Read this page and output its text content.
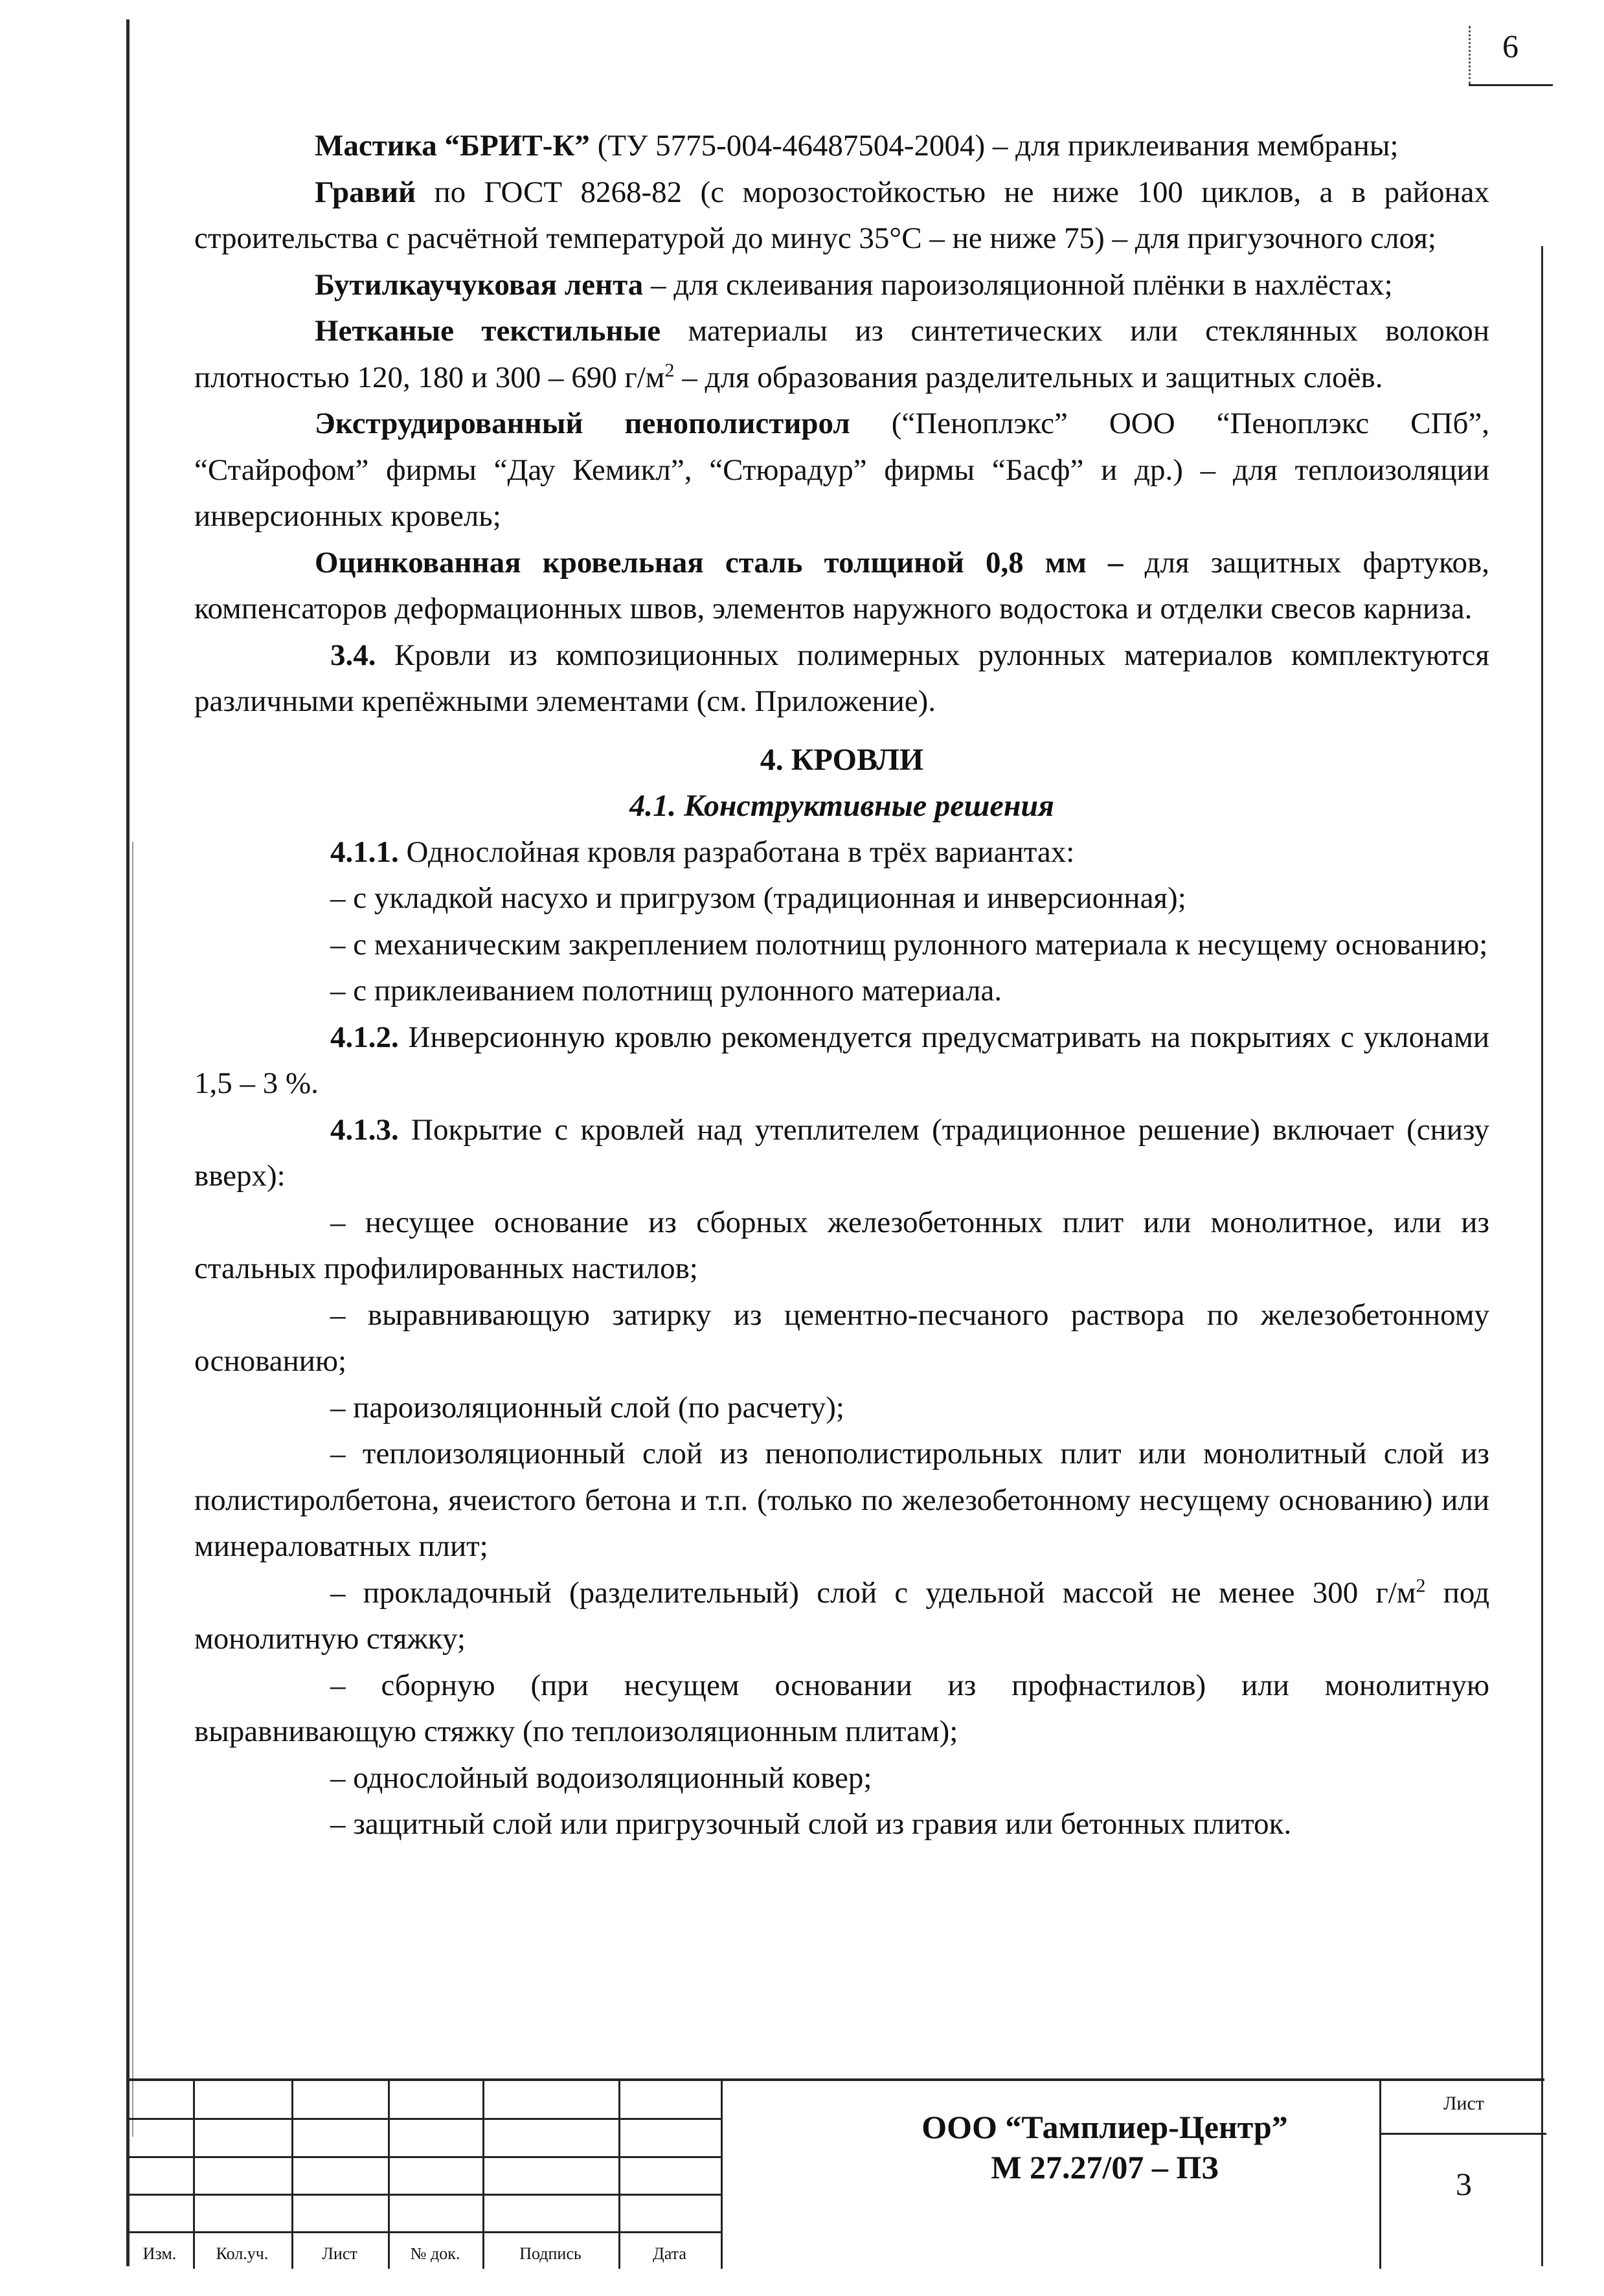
6

Мастика “БРИТ-К” (ТУ 5775-004-46487504-2004) – для приклеивания мембраны;

Гравий по ГОСТ 8268-82 (с морозостойкостью не ниже 100 циклов, а в районах строительства с расчётной температурой до минус 35°С – не ниже 75) – для пригузочного слоя;

Бутилкаучуковая лента – для склеивания пароизоляционной плёнки в нахлёстах;

Нетканые текстильные материалы из синтетических или стеклянных волокон плотностью 120, 180 и 300 – 690 $г/м^2$ – для образования разделительных и защитных слоёв.

Экструдированный пенополистирол (“Пеноплэкс” ООО “Пеноплэкс СПб”, “Стайрофом” фирмы “Дау Кемикл”, “Стюрадур” фирмы “Басф” и др.) – для теплоизоляции инверсионных кровель;

Оцинкованная кровельная сталь толщиной 0,8 мм – для защитных фартуков, компенсаторов деформационных швов, элементов наружного водостока и отделки свесов карниза.

3.4. Кровли из композиционных полимерных рулонных материалов комплектуются различными крепёжными элементами (см. Приложение).

4. КРОВЛИ

4.1. Конструктивные решения

4.1.1. Однослойная кровля разработана в трёх вариантах:

– с укладкой насухо и пригрузом (традиционная и инверсионная);

– с механическим закреплением полотнищ рулонного материала к несущему основанию;

– с приклеиванием полотнищ рулонного материала.

4.1.2. Инверсионную кровлю рекомендуется предусматривать на покрытиях с уклонами 1,5 – 3 %.

4.1.3. Покрытие с кровлей над утеплителем (традиционное решение) включает (снизу вверх):

– несущее основание из сборных железобетонных плит или монолитное, или из стальных профилированных настилов;

– выравнивающую затирку из цементно-песчаного раствора по железобетонному основанию;

– пароизоляционный слой (по расчету);

– теплоизоляционный слой из пенополистирольных плит или монолитный слой из полистиролбетона, ячеистого бетона и т.п. (только по железобетонному несущему основанию) или минераловатных плит;

– прокладочный (разделительный) слой с удельной массой не менее 300 $г/м^2$ под монолитную стяжку;

– сборную (при несущем основании из профнастилов) или монолитную выравнивающую стяжку (по теплоизоляционным плитам);

– однослойный водоизоляционный ковер;

– защитный слой или пригрузочный слой из гравия или бетонных плиток.

Изм.	Кол.уч.	Лист	№ док.	Подпись	Дата
ООО “Тамплиер-Центр”
М 27.27/07 – ПЗ
Лист
3
